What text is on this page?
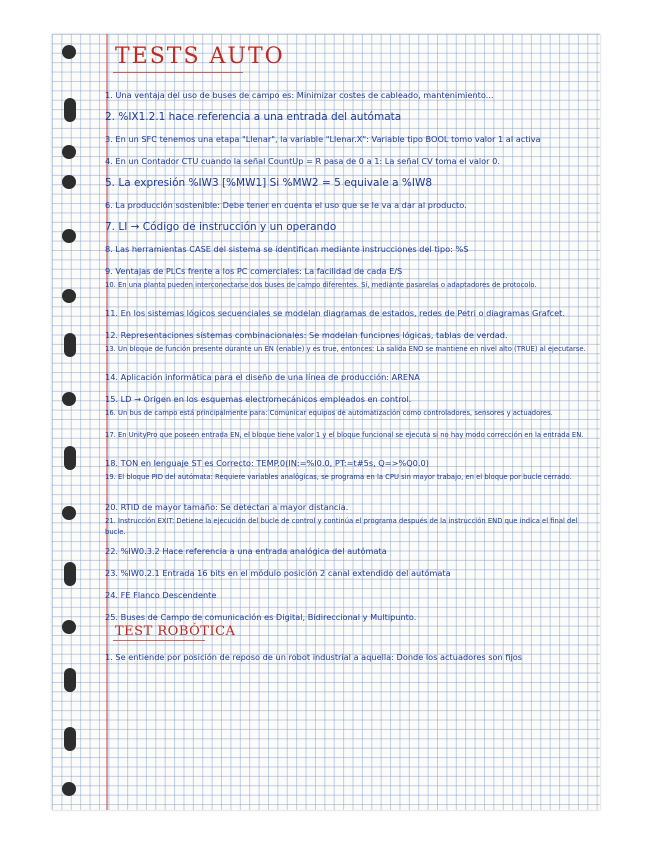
TESTS AUTO
1. Una ventaja del uso de buses de campo es: Minimizar costes de cableado, mantenimiento...
2. %IX1.2.1 hace referencia a una entrada del autómata
3. En un SFC tenemos una etapa "Llenar", la variable "Llenar.X": Variable tipo BOOL tomo valor 1 al activa
4. En un Contador CTU cuando la señal CountUp = R pasa de 0 a 1: La señal CV toma el valor 0.
5. La expresión %IW3 [%MW1] Si %MW2 = 5 equivale a %IW8
6. La producción sostenible: Debe tener en cuenta el uso que se le va a dar al producto.
7. LI → Código de instrucción y un operando
8. Las herramientas CASE del sistema se identifican mediante instrucciones del tipo: %S
9. Ventajas de PLCs frente a los PC comerciales: La facilidad de cada E/S
10. En una planta pueden interconectarse dos buses de campo diferentes. Sí, mediante pasarelas o adaptadores de protocolo.
11. En los sistemas lógicos secuenciales se modelan diagramas de estados, redes de Petri o diagramas Grafcet.
12. Representaciones sistemas combinacionales: Se modelan funciones lógicas, tablas de verdad.
13. Un bloque de función presente durante un EN (enable) y es true, entonces: La salida ENO se mantiene en nivel alto (TRUE) al ejecutarse.
14. Aplicación informática para el diseño de una línea de producción: ARENA
15. LD → Origen en los esquemas electromecánicos empleados en control.
16. Un bus de campo está principalmente para: Comunicar equipos de automatización como controladores, sensores y actuadores.
17. En UnityPro que poseen entrada EN, el bloque tiene valor 1 y el bloque funcional se ejecuta si no hay modo corrección en la entrada EN.
18. TON en lenguaje ST es Correcto: TEMP.0(IN:=%I0.0, PT:=t#5s, Q=>%Q0.0)
19. El bloque PID del autómata: Requiere variables analógicas, se programa en la CPU sin mayor trabajo, en el bloque por bucle cerrado.
20. RTID de mayor tamaño: Se detectan a mayor distancia.
21. Instrucción EXIT: Detiene la ejecución del bucle de control y continúa el programa después de la instrucción END que indica el final del bucle.
22. %IW0.3.2 Hace referencia a una entrada analógica del autómata
23. %IW0.2.1 Entrada 16 bits en el módulo posición 2 canal extendido del autómata
24. FE Flanco Descendente
25. Buses de Campo de comunicación es Digital, Bidireccional y Multipunto.
TEST ROBÓTICA
1. Se entiende por posición de reposo de un robot industrial a aquella: Donde los actuadores son fijos
